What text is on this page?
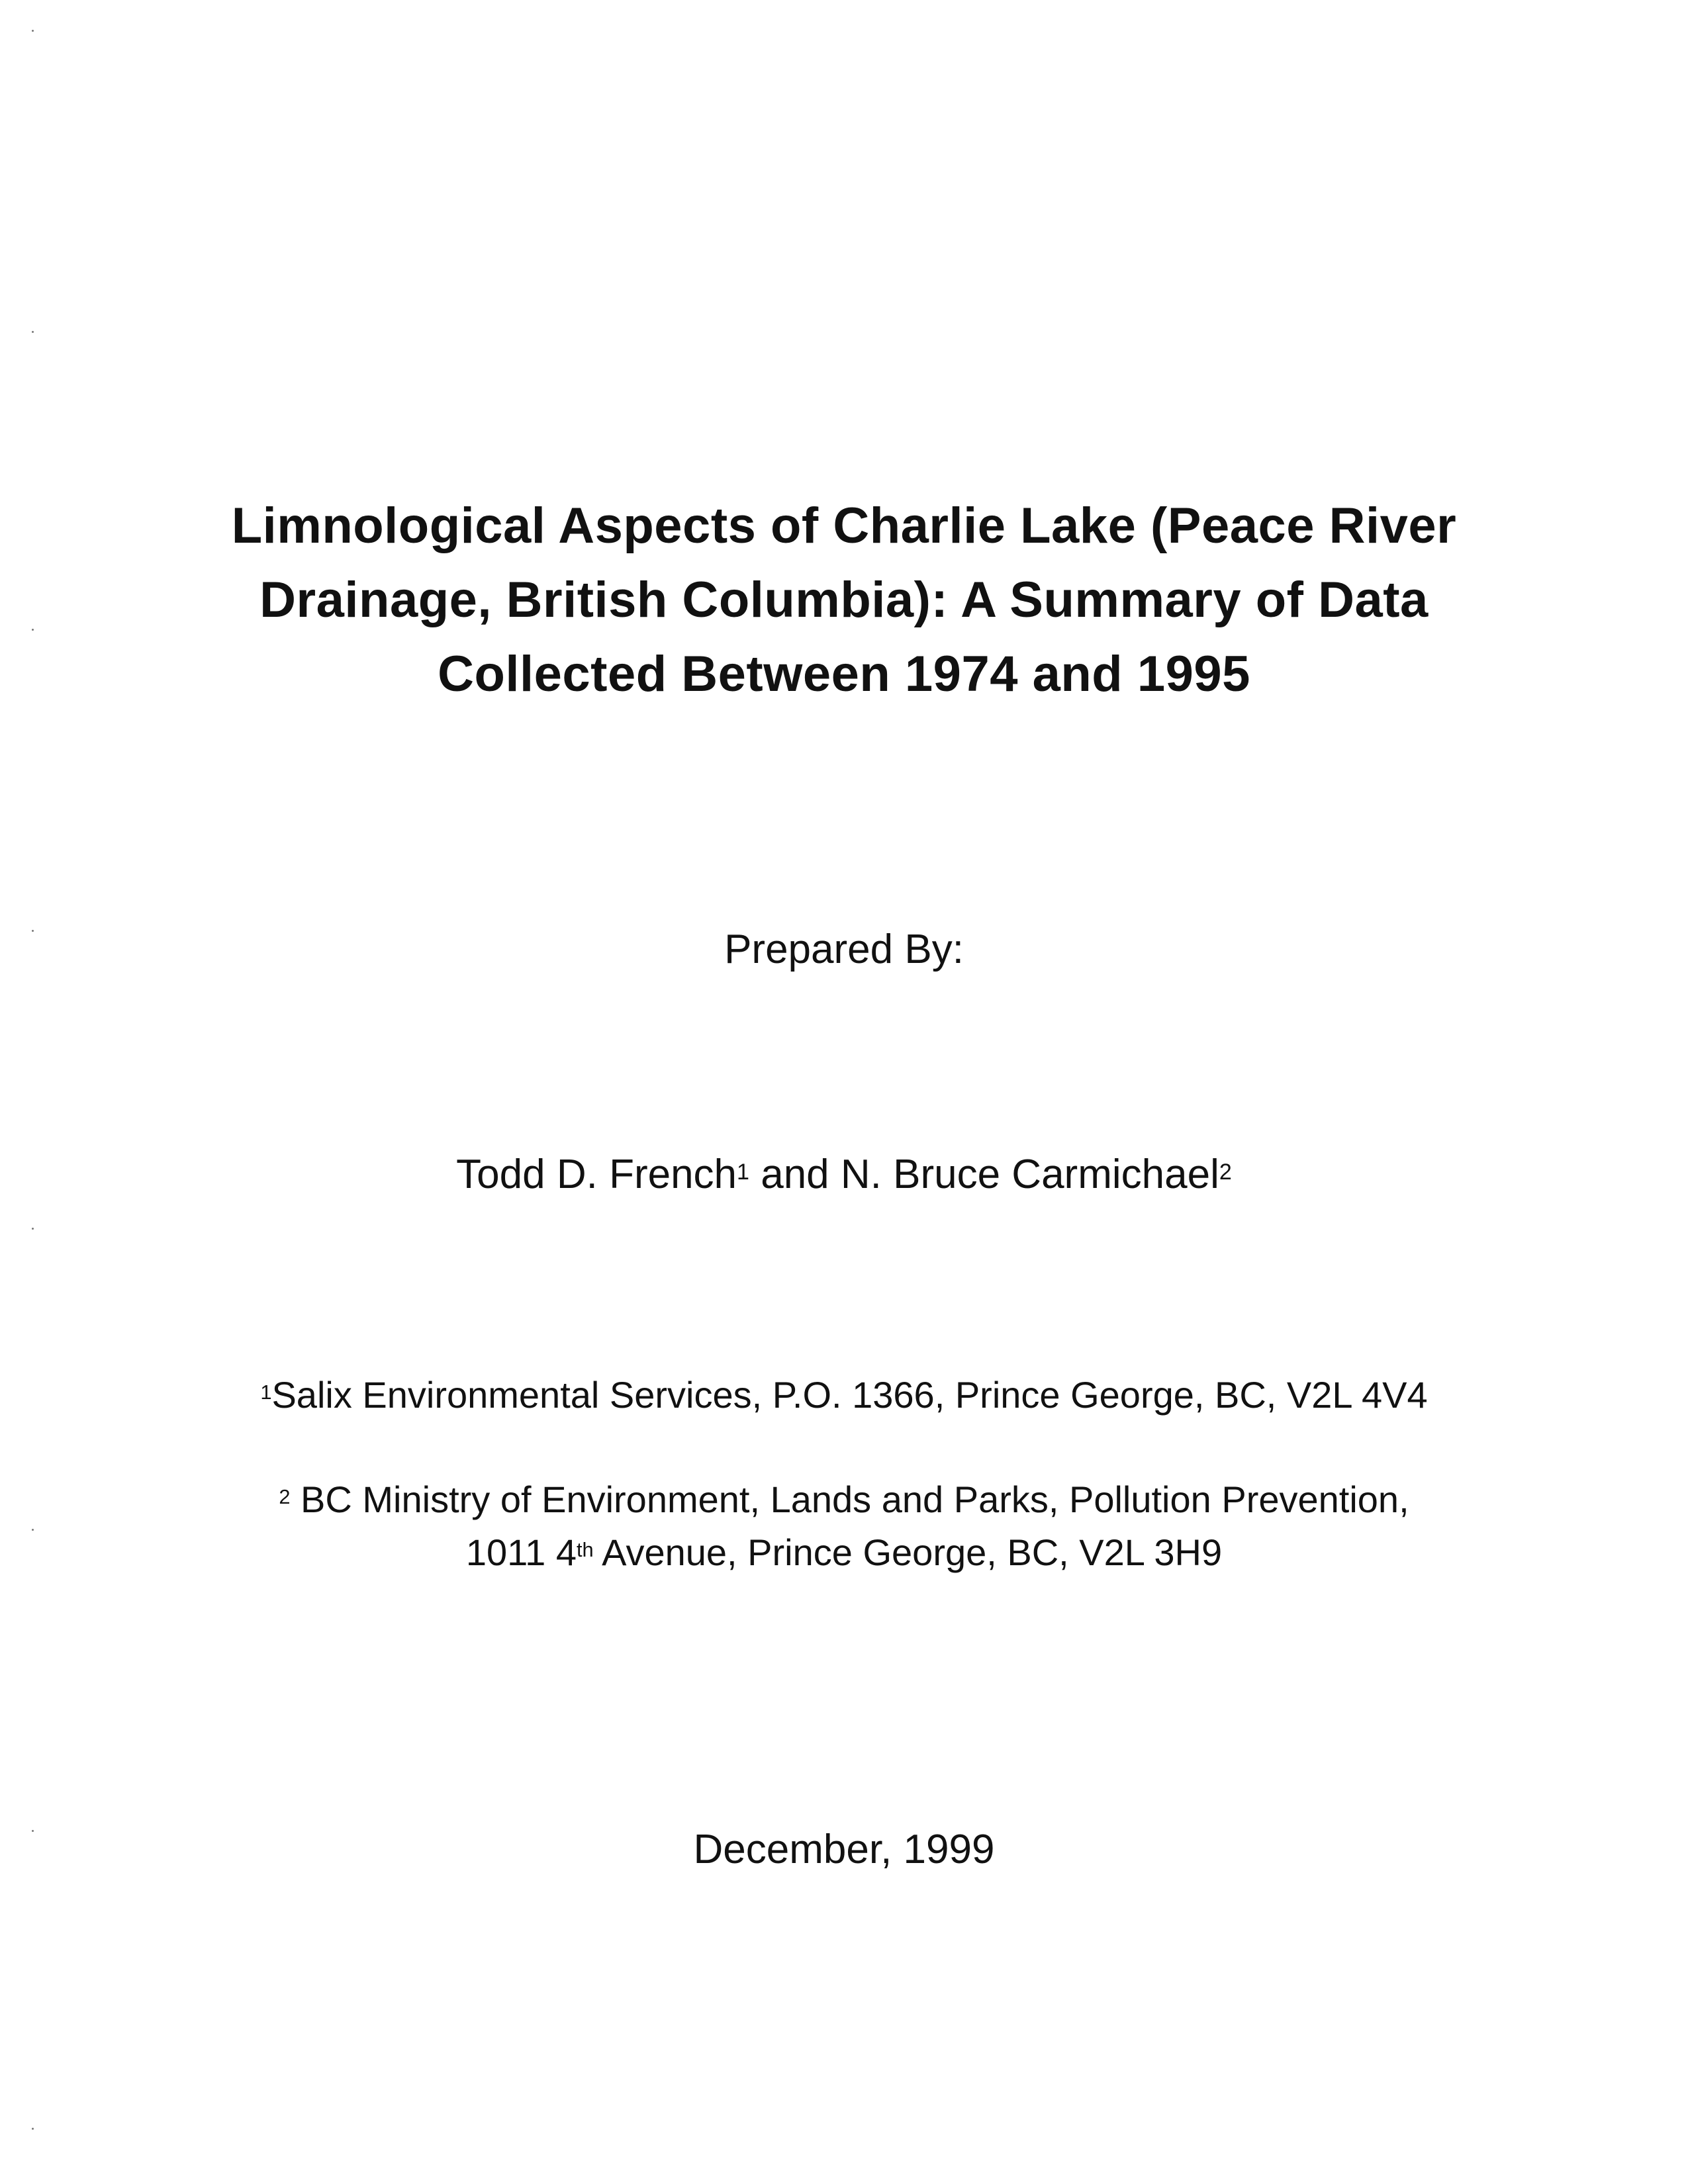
Limnological Aspects of Charlie Lake (Peace River
Drainage, British Columbia): A Summary of Data
Collected Between 1974 and 1995
Prepared By:
Todd D. French$^1$ and N. Bruce Carmichael$^2$
$^1$Salix Environmental Services, P.O. 1366, Prince George, BC, V2L 4V4
$^2$ BC Ministry of Environment, Lands and Parks, Pollution Prevention,
1011 4th Avenue, Prince George, BC, V2L 3H9
December, 1999
